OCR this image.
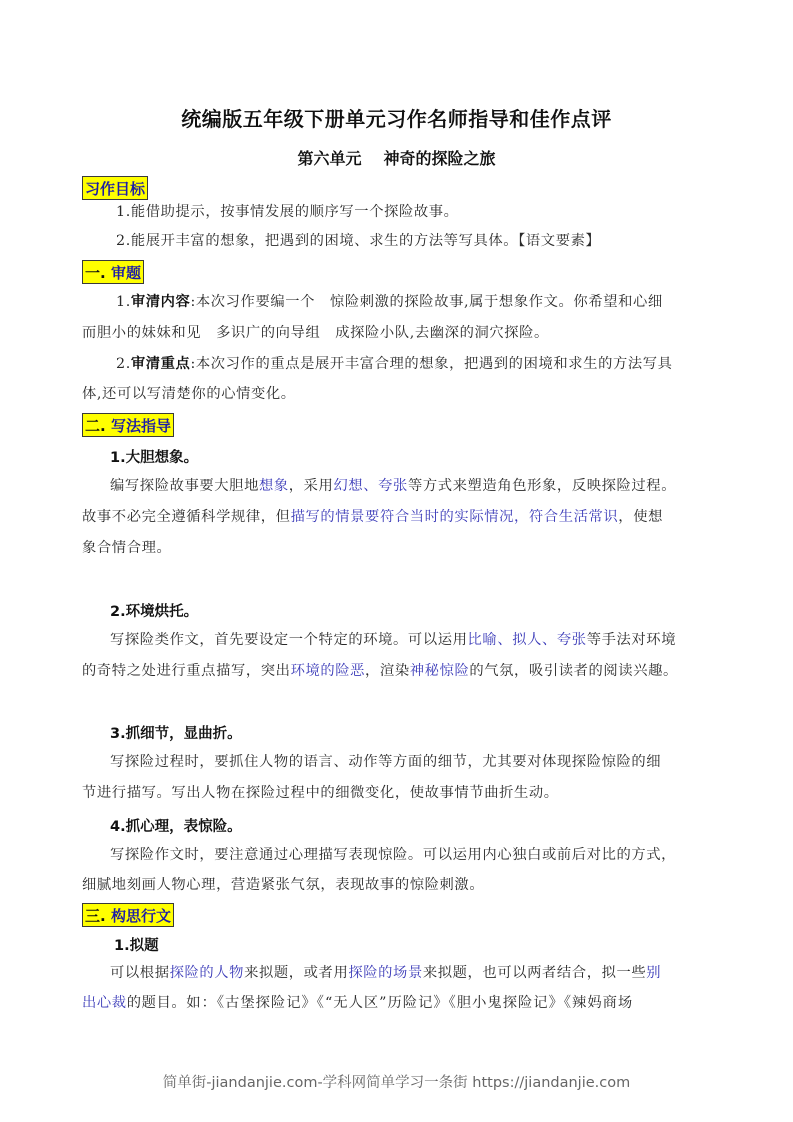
统编版五年级下册单元习作名师指导和佳作点评
第六单元 神奇的探险之旅
习作目标
1.能借助提示，按事情发展的顺序写一个探险故事。
2.能展开丰富的想象，把遇到的困境、求生的方法等写具体。【语文要素】
一. 审题
1.审清内容:本次习作要编一个　惊险刺激的探险故事,属于想象作文。你希望和心细
而胆小的妹妹和见　多识广的向导组　成探险小队,去幽深的洞穴探险。
2.审清重点:本次习作的重点是展开丰富合理的想象，把遇到的困境和求生的方法写具
体,还可以写清楚你的心情变化。
二. 写法指导
1.大胆想象。
编写探险故事要大胆地想象，采用幻想、夸张等方式来塑造角色形象，反映探险过程。
故事不必完全遵循科学规律，但描写的情景要符合当时的实际情况，符合生活常识，使想
象合情合理。
2.环境烘托。
写探险类作文，首先要设定一个特定的环境。可以运用比喻、拟人、夸张等手法对环境
的奇特之处进行重点描写，突出环境的险恶，渲染神秘惊险的气氛，吸引读者的阅读兴趣。
3.抓细节，显曲折。
写探险过程时，要抓住人物的语言、动作等方面的细节，尤其要对体现探险惊险的细
节进行描写。写出人物在探险过程中的细微变化，使故事情节曲折生动。
4.抓心理，表惊险。
写探险作文时，要注意通过心理描写表现惊险。可以运用内心独白或前后对比的方式，
细腻地刻画人物心理，营造紧张气氛，表现故事的惊险刺激。
三. 构思行文
1.拟题
可以根据探险的人物来拟题，或者用探险的场景来拟题，也可以两者结合，拟一些别
出心裁的题目。如：《古堡探险记》《“无人区”历险记》《胆小鬼探险记》《辣妈商场
简单街-jiandanjie.com-学科网简单学习一条街 https://jiandanjie.com
